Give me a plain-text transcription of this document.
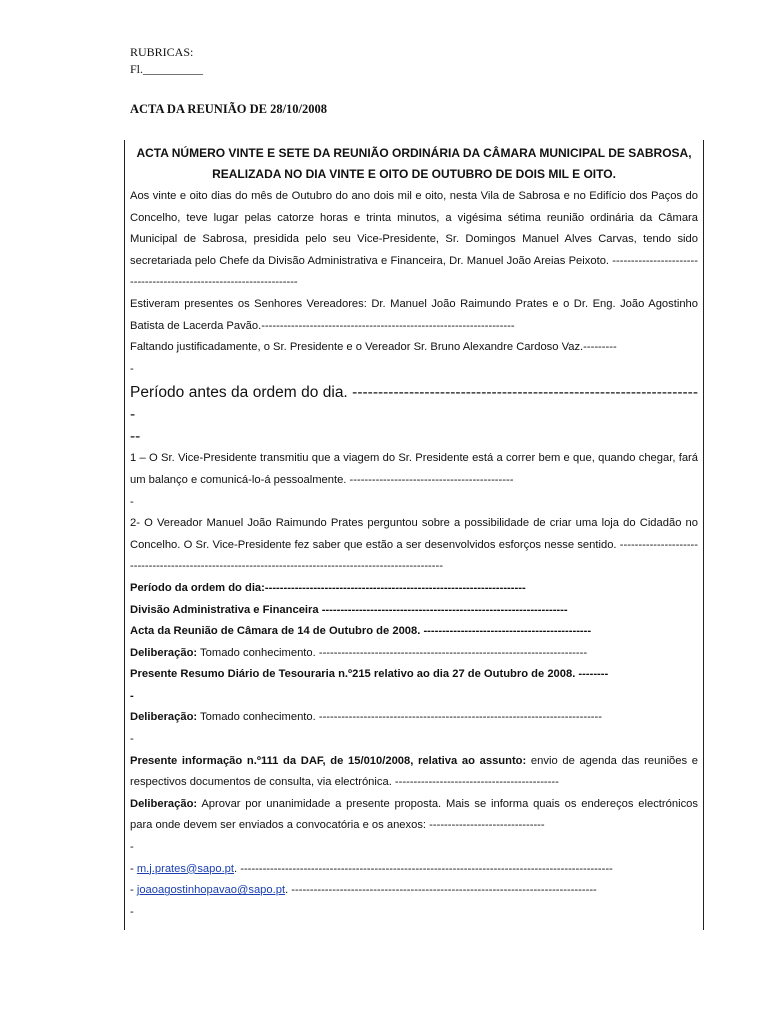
RUBRICAS:
Fl.__________
ACTA DA REUNIÃO DE 28/10/2008
ACTA NÚMERO VINTE E SETE DA REUNIÃO ORDINÁRIA DA CÂMARA MUNICIPAL DE SABROSA, REALIZADA NO DIA VINTE E OITO DE OUTUBRO DE DOIS MIL E OITO.
Aos vinte e oito dias do mês de Outubro do ano dois mil e oito, nesta Vila de Sabrosa e no Edifício dos Paços do Concelho, teve lugar pelas catorze horas e trinta minutos, a vigésima sétima reunião ordinária da Câmara Municipal de Sabrosa, presidida pelo seu Vice-Presidente, Sr. Domingos Manuel Alves Carvas, tendo sido secretariada pelo Chefe da Divisão Administrativa e Financeira, Dr. Manuel João Areias Peixoto. --------------------------------------------------------------------
Estiveram presentes os Senhores Vereadores: Dr. Manuel João Raimundo Prates e o Dr. Eng. João Agostinho Batista de Lacerda Pavão.--------------------------------------------------------------------
Faltando justificadamente, o Sr. Presidente e o Vereador Sr. Bruno Alexandre Cardoso Vaz.---------
-
Período antes da ordem do dia. --------------------------------------------------------------------
--
1 – O Sr. Vice-Presidente transmitiu que a viagem do Sr. Presidente está a correr bem e que, quando chegar, fará um balanço e comunicá-lo-á pessoalmente. --------------------------------------------
-
2- O Vereador Manuel João Raimundo Prates perguntou sobre a possibilidade de criar uma loja do Cidadão no Concelho. O Sr. Vice-Presidente fez saber que estão a ser desenvolvidos esforços nesse sentido. ---------------------------------------------------------------------------------------------------------
Período da ordem do dia:----------------------------------------------------------------------
Divisão Administrativa e Financeira ------------------------------------------------------------------
Acta da Reunião de Câmara de 14 de Outubro de 2008. ---------------------------------------------
Deliberação: Tomado conhecimento. ------------------------------------------------------------------------
Presente Resumo Diário de Tesouraria n.º215 relativo ao dia 27 de Outubro de 2008. --------
-
Deliberação: Tomado conhecimento. ----------------------------------------------------------------------------
-
Presente informação n.º111 da DAF, de 15/010/2008, relativa ao assunto: envio de agenda das reuniões e respectivos documentos de consulta, via electrónica. --------------------------------------------
Deliberação: Aprovar por unanimidade a presente proposta. Mais se informa quais os endereços electrónicos para onde devem ser enviados a convocatória e os anexos: -------------------------------
-
- m.j.prates@sapo.pt. ----------------------------------------------------------------------------------------------------
- joaoagostinhopavao@sapo.pt. ----------------------------------------------------------------------------------
-
